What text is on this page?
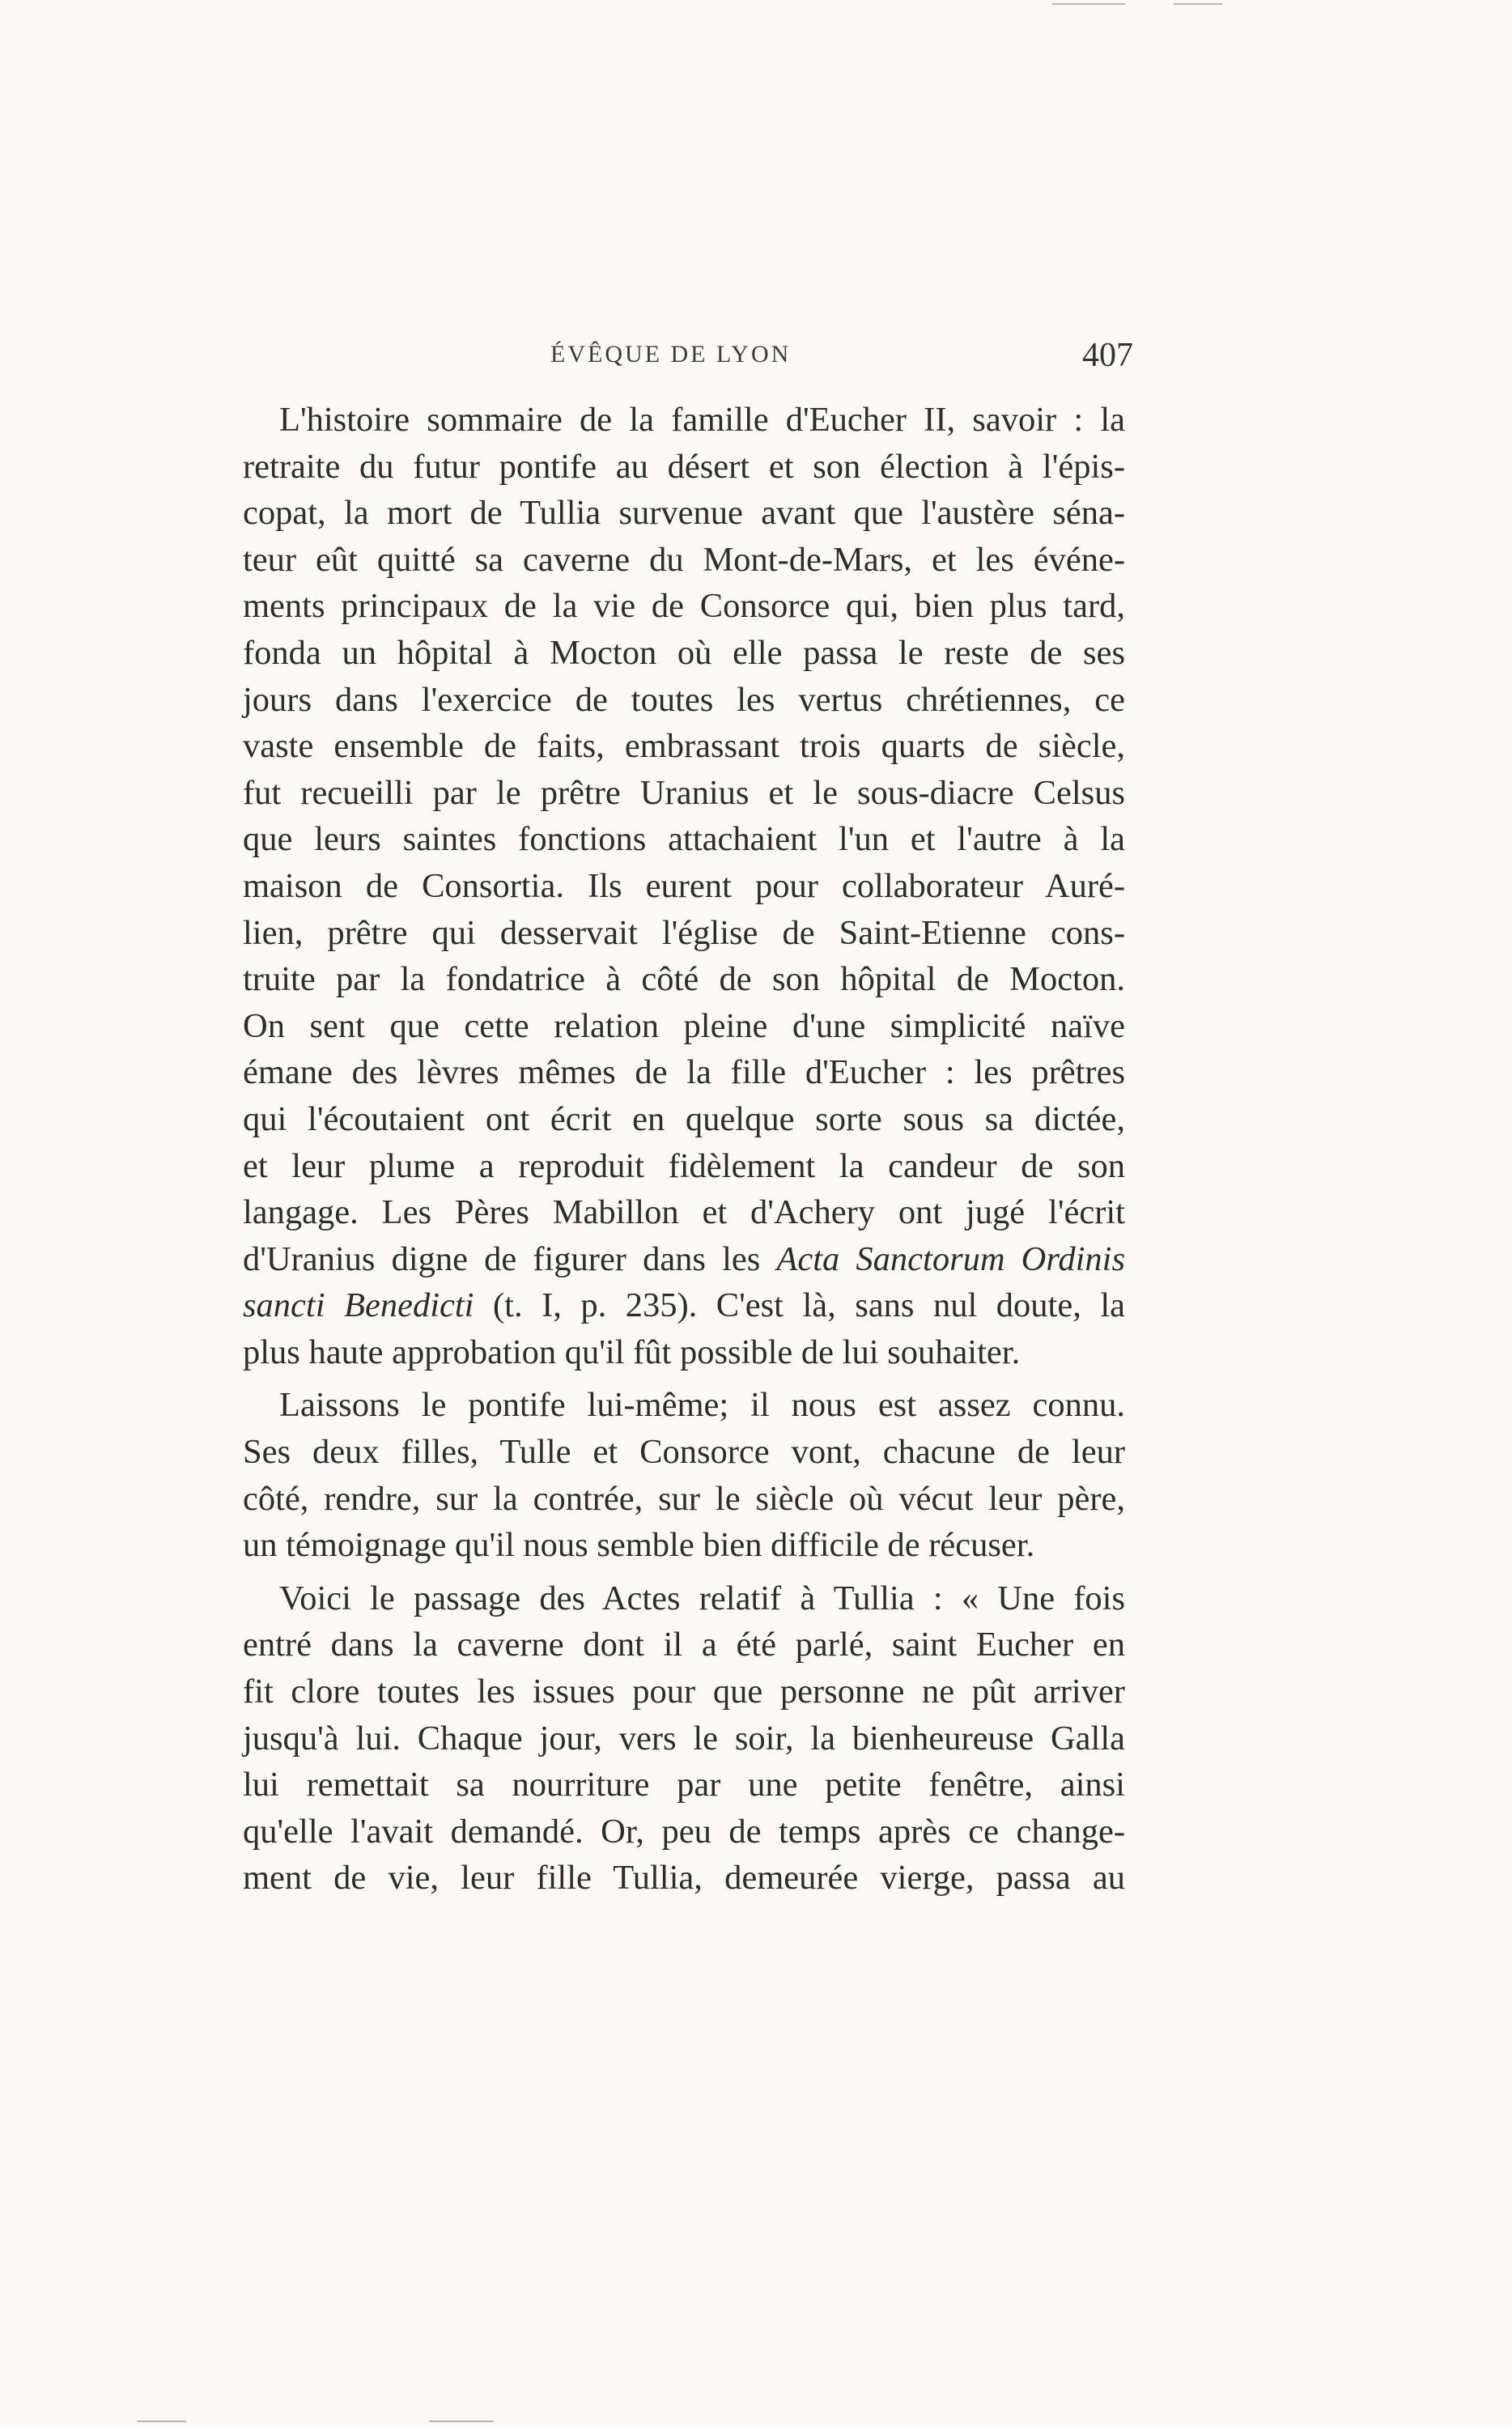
ÉVÊQUE DE LYON	407
L'histoire sommaire de la famille d'Eucher II, savoir : la
retraite du futur pontife au désert et son élection à l'épis-
copat, la mort de Tullia survenue avant que l'austère séna-
teur eût quitté sa caverne du Mont-de-Mars, et les événe-
ments principaux de la vie de Consorce qui, bien plus tard,
fonda un hôpital à Mocton où elle passa le reste de ses
jours dans l'exercice de toutes les vertus chrétiennes, ce
vaste ensemble de faits, embrassant trois quarts de siècle,
fut recueilli par le prêtre Uranius et le sous-diacre Celsus
que leurs saintes fonctions attachaient l'un et l'autre à la
maison de Consortia. Ils eurent pour collaborateur Auré-
lien, prêtre qui desservait l'église de Saint-Etienne cons-
truite par la fondatrice à côté de son hôpital de Mocton.
On sent que cette relation pleine d'une simplicité naïve
émane des lèvres mêmes de la fille d'Eucher : les prêtres
qui l'écoutaient ont écrit en quelque sorte sous sa dictée,
et leur plume a reproduit fidèlement la candeur de son
langage. Les Pères Mabillon et d'Achery ont jugé l'écrit
d'Uranius digne de figurer dans les Acta Sanctorum Ordinis
sancti Benedicti (t. I, p. 235). C'est là, sans nul doute, la
plus haute approbation qu'il fût possible de lui souhaiter.
Laissons le pontife lui-même; il nous est assez connu.
Ses deux filles, Tulle et Consorce vont, chacune de leur
côté, rendre, sur la contrée, sur le siècle où vécut leur père,
un témoignage qu'il nous semble bien difficile de récuser.
Voici le passage des Actes relatif à Tullia : « Une fois
entré dans la caverne dont il a été parlé, saint Eucher en
fit clore toutes les issues pour que personne ne pût arriver
jusqu'à lui. Chaque jour, vers le soir, la bienheureuse Galla
lui remettait sa nourriture par une petite fenêtre, ainsi
qu'elle l'avait demandé. Or, peu de temps après ce change-
ment de vie, leur fille Tullia, demeurée vierge, passa au
